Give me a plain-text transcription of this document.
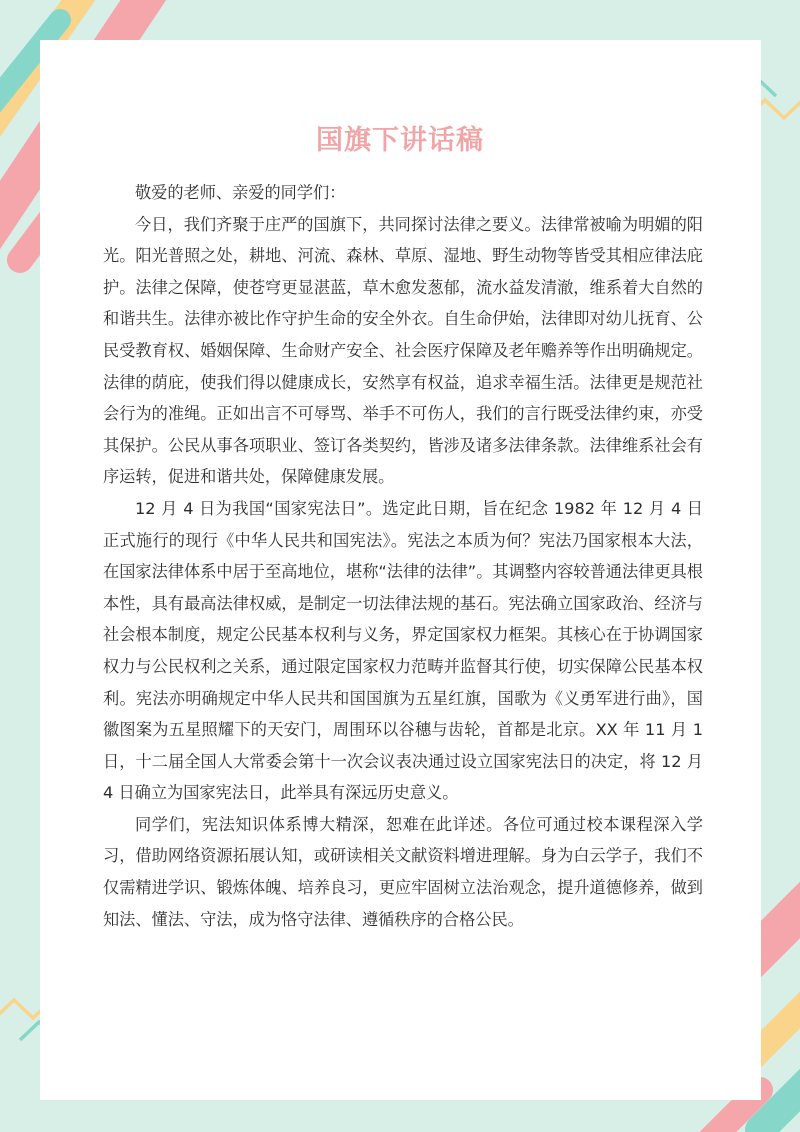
国旗下讲话稿

敬爱的老师、亲爱的同学们：

今日，我们齐聚于庄严的国旗下，共同探讨法律之要义。法律常被喻为明媚的阳光。阳光普照之处，耕地、河流、森林、草原、湿地、野生动物等皆受其相应律法庇护。法律之保障，使苍穹更显湛蓝，草木愈发葱郁，流水益发清澈，维系着大自然的和谐共生。法律亦被比作守护生命的安全外衣。自生命伊始，法律即对幼儿抚育、公民受教育权、婚姻保障、生命财产安全、社会医疗保障及老年赡养等作出明确规定。法律的荫庇，使我们得以健康成长，安然享有权益，追求幸福生活。法律更是规范社会行为的准绳。正如出言不可辱骂、举手不可伤人，我们的言行既受法律约束，亦受其保护。公民从事各项职业、签订各类契约，皆涉及诸多法律条款。法律维系社会有序运转，促进和谐共处，保障健康发展。

12 月 4 日为我国“国家宪法日”。选定此日期，旨在纪念 1982 年 12 月 4 日正式施行的现行《中华人民共和国宪法》。宪法之本质为何？宪法乃国家根本大法，在国家法律体系中居于至高地位，堪称“法律的法律”。其调整内容较普通法律更具根本性，具有最高法律权威，是制定一切法律法规的基石。宪法确立国家政治、经济与社会根本制度，规定公民基本权利与义务，界定国家权力框架。其核心在于协调国家权力与公民权利之关系，通过限定国家权力范畴并监督其行使，切实保障公民基本权利。宪法亦明确规定中华人民共和国国旗为五星红旗，国歌为《义勇军进行曲》，国徽图案为五星照耀下的天安门，周围环以谷穗与齿轮，首都是北京。XX 年 11 月 1 日，十二届全国人大常委会第十一次会议表决通过设立国家宪法日的决定，将 12 月 4 日确立为国家宪法日，此举具有深远历史意义。

同学们，宪法知识体系博大精深，恕难在此详述。各位可通过校本课程深入学习，借助网络资源拓展认知，或研读相关文献资料增进理解。身为白云学子，我们不仅需精进学识、锻炼体魄、培养良习，更应牢固树立法治观念，提升道德修养，做到知法、懂法、守法，成为恪守法律、遵循秩序的合格公民。
